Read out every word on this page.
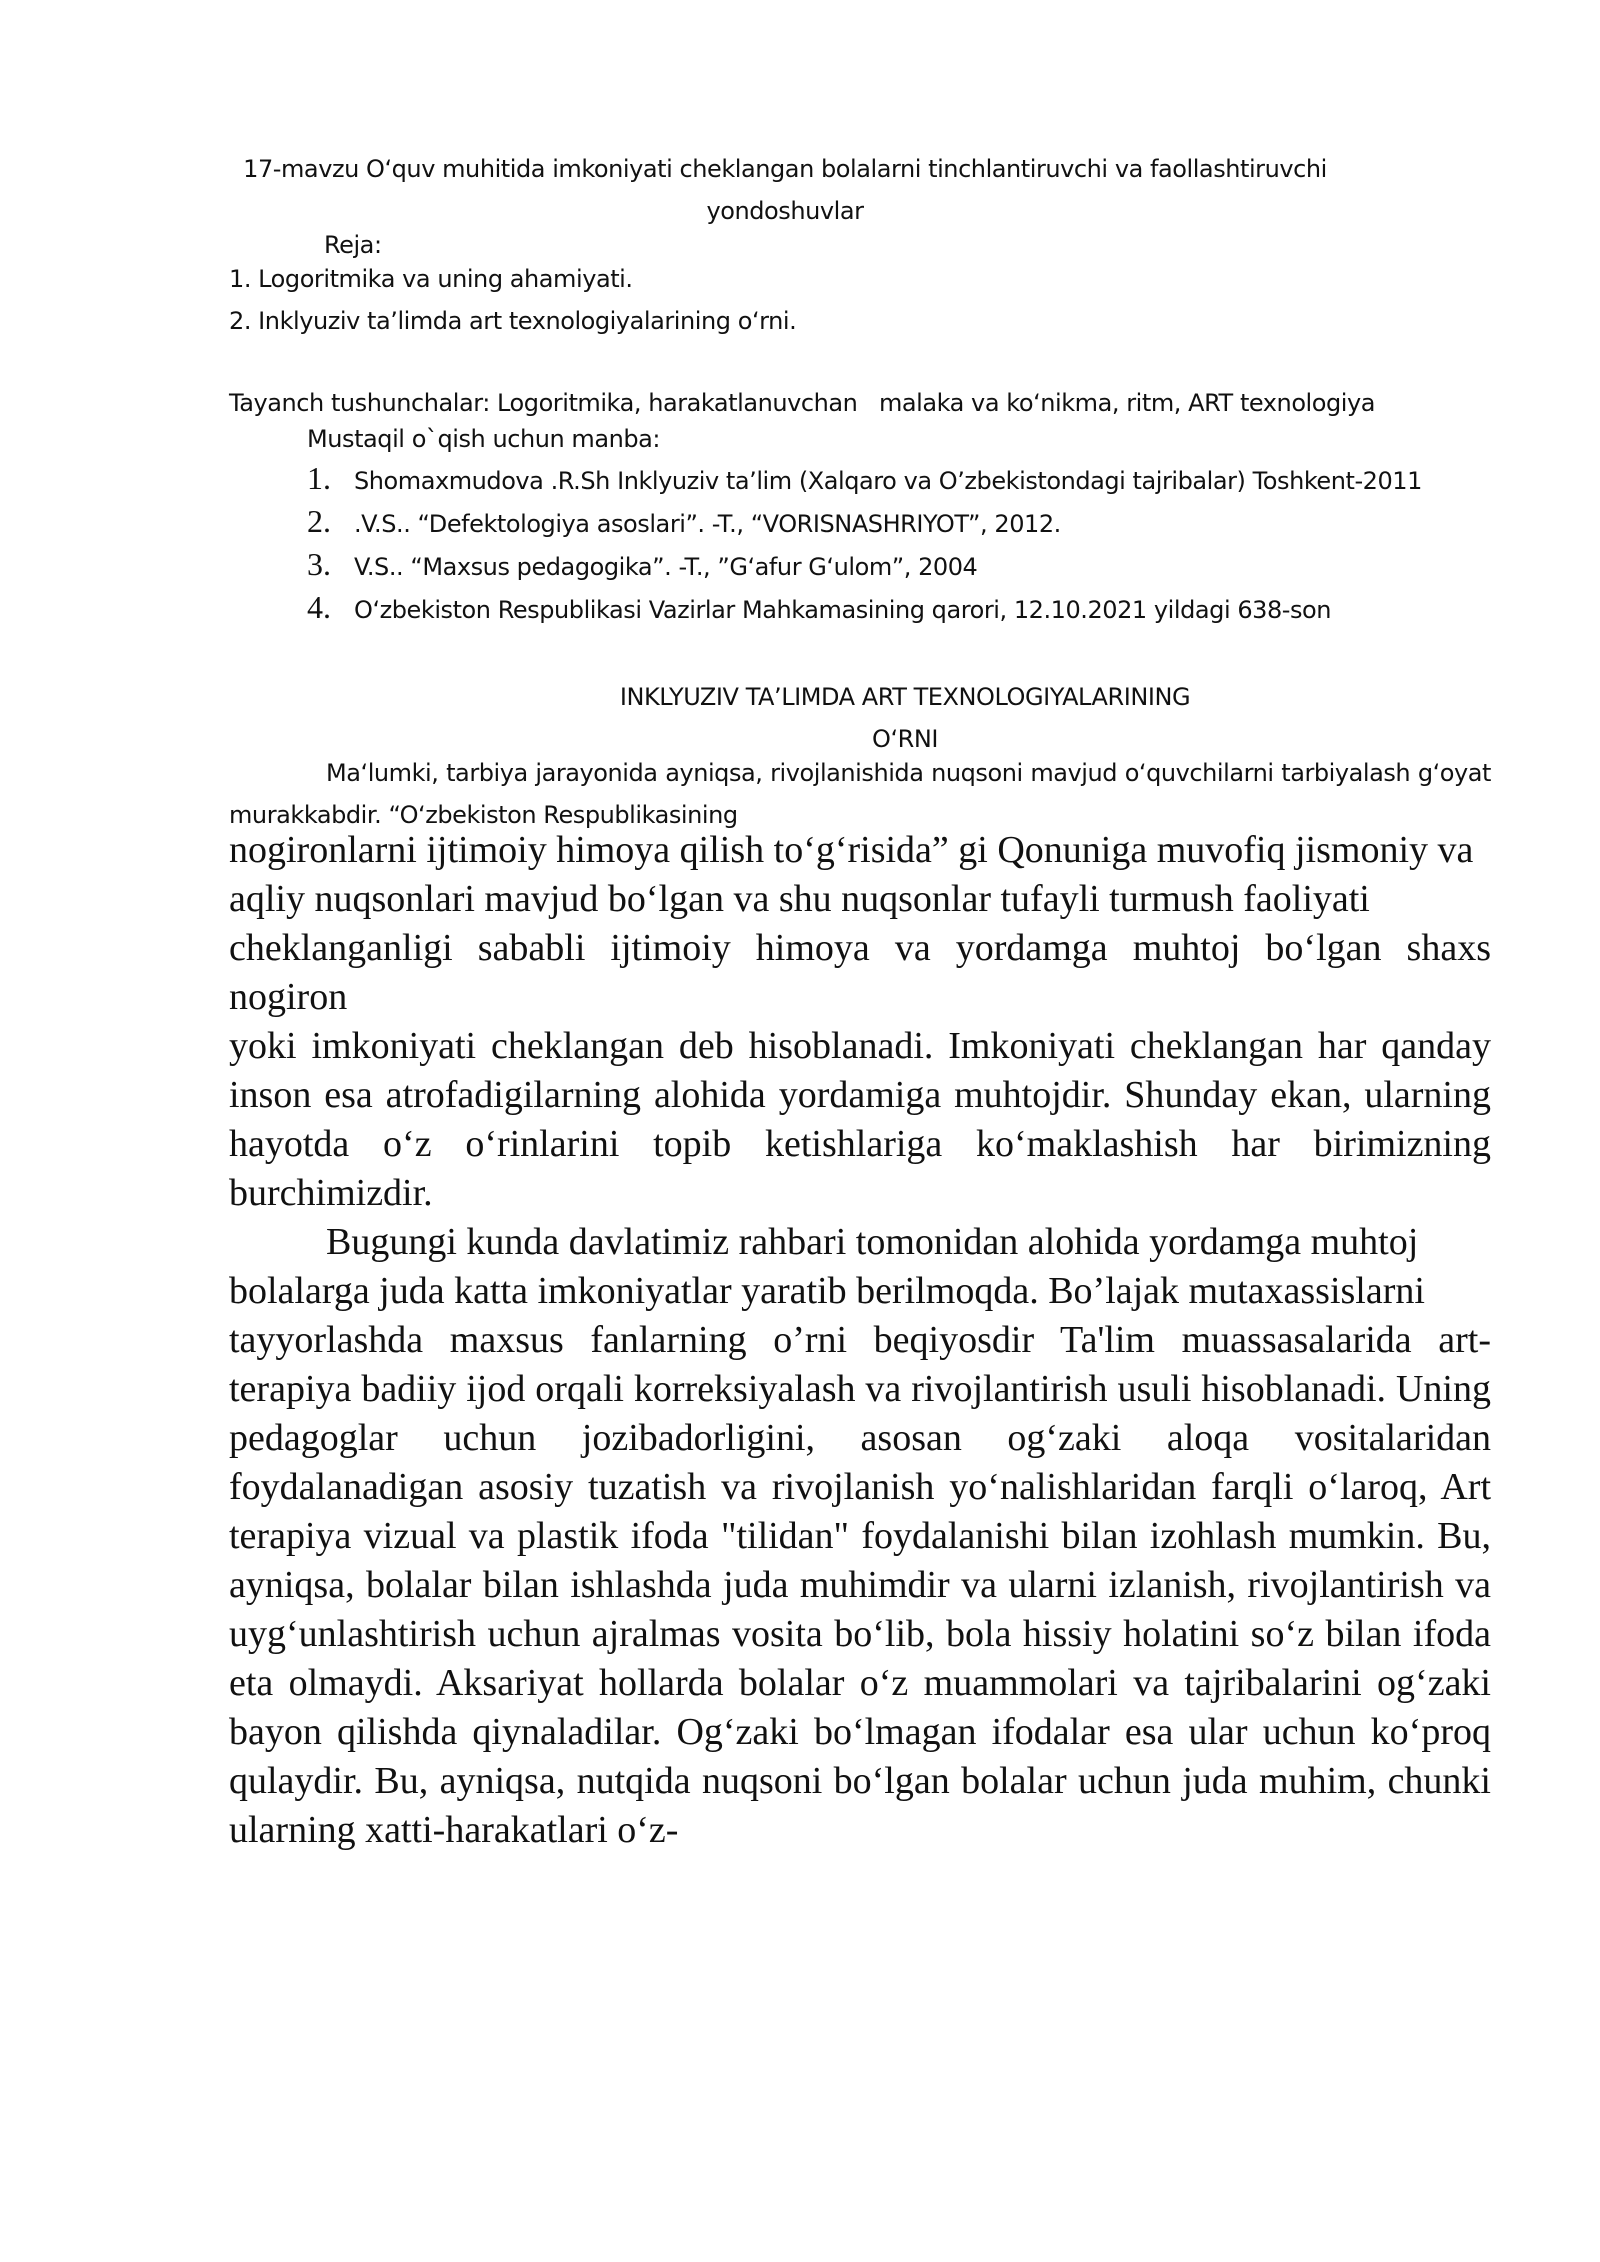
17-mavzu O‘quv muhitida imkoniyati cheklangan bolalarni tinchlantiruvchi va faollashtiruvchi
yondoshuvlar
Reja:
1. Logoritmika va uning ahamiyati.
2. Inklyuziv ta’limda art texnologiyalarining o‘rni.
Tayanch tushunchalar: Logoritmika, harakatlanuvchan   malaka va ko‘nikma, ritm, ART texnologiya
Mustaqil o`qish uchun manba:
1. Shomaxmudova .R.Sh Inklyuziv ta’lim (Xalqaro va O’zbekistondagi tajribalar) Toshkent-2011
2. .V.S.. “Defektologiya asoslari”. -T., “VORISNASHRIYOT”, 2012.
3. V.S.. “Maxsus pedagogika”. -T., ”G‘afur G‘ulom”, 2004
4. O‘zbekiston Respublikasi Vazirlar Mahkamasining qarori, 12.10.2021 yildagi 638-son
INKLYUZIV TA’LIMDA ART TEXNOLOGIYALARINING
O‘RNI
Ma‘lumki, tarbiya jarayonida ayniqsa, rivojlanishida nuqsoni mavjud o‘quvchilarni tarbiyalash g‘oyat murakkabdir. “O‘zbekiston Respublikasining

nogironlarni ijtimoiy himoya qilish to‘g‘risida” gi Qonuniga muvofiq jismoniy va

aqliy nuqsonlari mavjud bo‘lgan va shu nuqsonlar tufayli turmush faoliyati

cheklanganligi sababli ijtimoiy himoya va yordamga muhtoj bo‘lgan shaxs nogiron

yoki imkoniyati cheklangan deb hisoblanadi. Imkoniyati cheklangan har qanday inson esa atrofadigilarning alohida yordamiga muhtojdir. Shunday ekan, ularning hayotda o‘z o‘rinlarini topib ketishlariga ko‘maklashish har birimizning burchimizdir.

Bugungi kunda davlatimiz rahbari tomonidan alohida yordamga muhtoj

bolalarga juda katta imkoniyatlar yaratib berilmoqda. Bo’lajak mutaxassislarni

tayyorlashda maxsus fanlarning o’rni beqiyosdir Ta'lim muassasalarida art-terapiya badiiy ijod orqali korreksiyalash va rivojlantirish usuli hisoblanadi. Uning pedagoglar uchun jozibadorligini, asosan og‘zaki aloqa vositalaridan foydalanadigan asosiy tuzatish va rivojlanish yo‘nalishlaridan farqli o‘laroq, Art terapiya vizual va plastik ifoda "tilidan" foydalanishi bilan izohlash mumkin. Bu, ayniqsa, bolalar bilan ishlashda juda muhimdir va ularni izlanish, rivojlantirish va uyg‘unlashtirish uchun ajralmas vosita bo‘lib, bola hissiy holatini so‘z bilan ifoda eta olmaydi. Aksariyat hollarda bolalar o‘z muammolari va tajribalarini og‘zaki bayon qilishda qiynaladilar. Og‘zaki bo‘lmagan ifodalar esa ular uchun ko‘proq qulaydir. Bu, ayniqsa, nutqida nuqsoni bo‘lgan bolalar uchun juda muhim, chunki ularning xatti-harakatlari o‘z-
